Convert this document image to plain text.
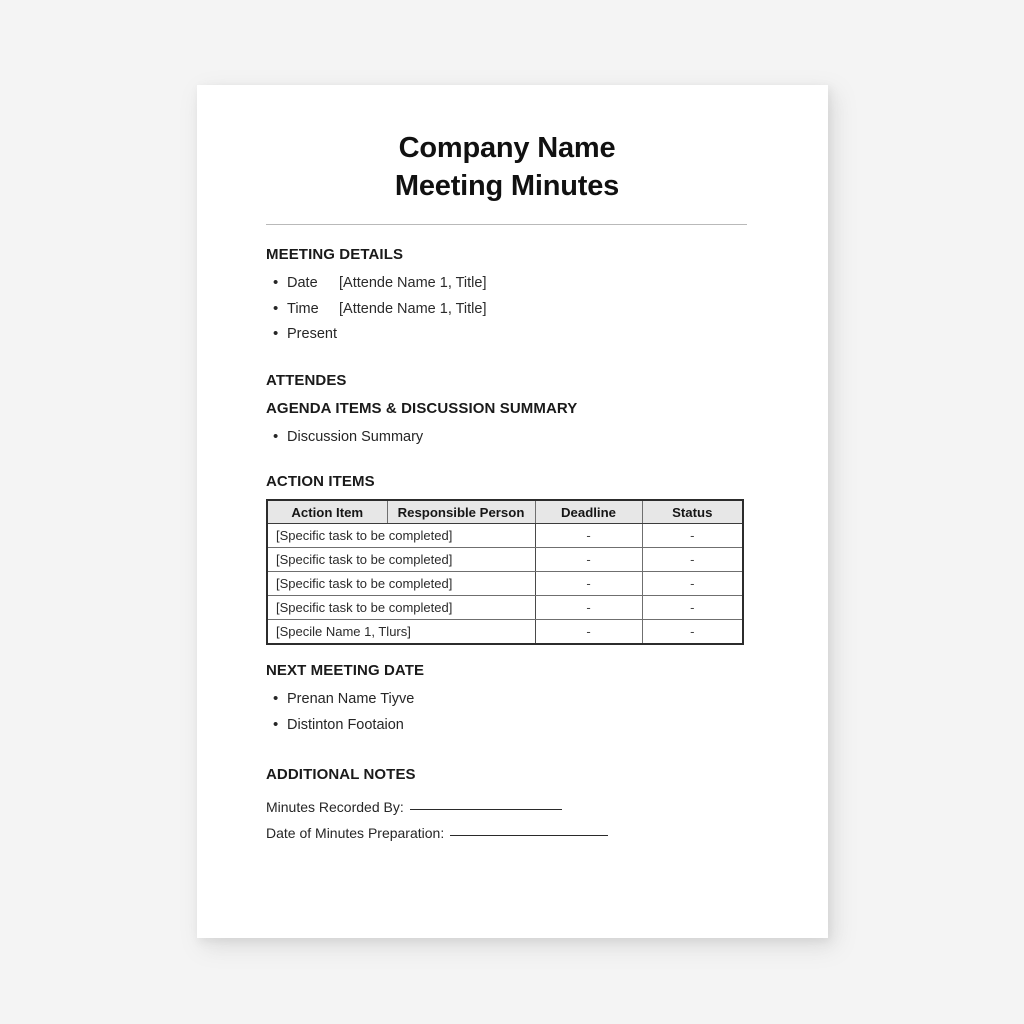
Company Name
Meeting Minutes
MEETING DETAILS
• Date [Attende Name 1, Title]
• Time [Attende Name 1, Title]
• Present
ATTENDES
AGENDA ITEMS & DISCUSSION SUMMARY
• Discussion Summary
ACTION ITEMS
Action Item	Responsible Person	Deadline	Status
[Specific task to be completed]		-	-
[Specific task to be completed]		-	-
[Specific task to be completed]		-	-
[Specific task to be completed]		-	-
[Specile Name 1, Tlurs]		-	-
NEXT MEETING DATE
• Prenan Name Tiyve
• Distinton Footaion
ADDITIONAL NOTES
Minutes Recorded By:
Date of Minutes Preparation:
